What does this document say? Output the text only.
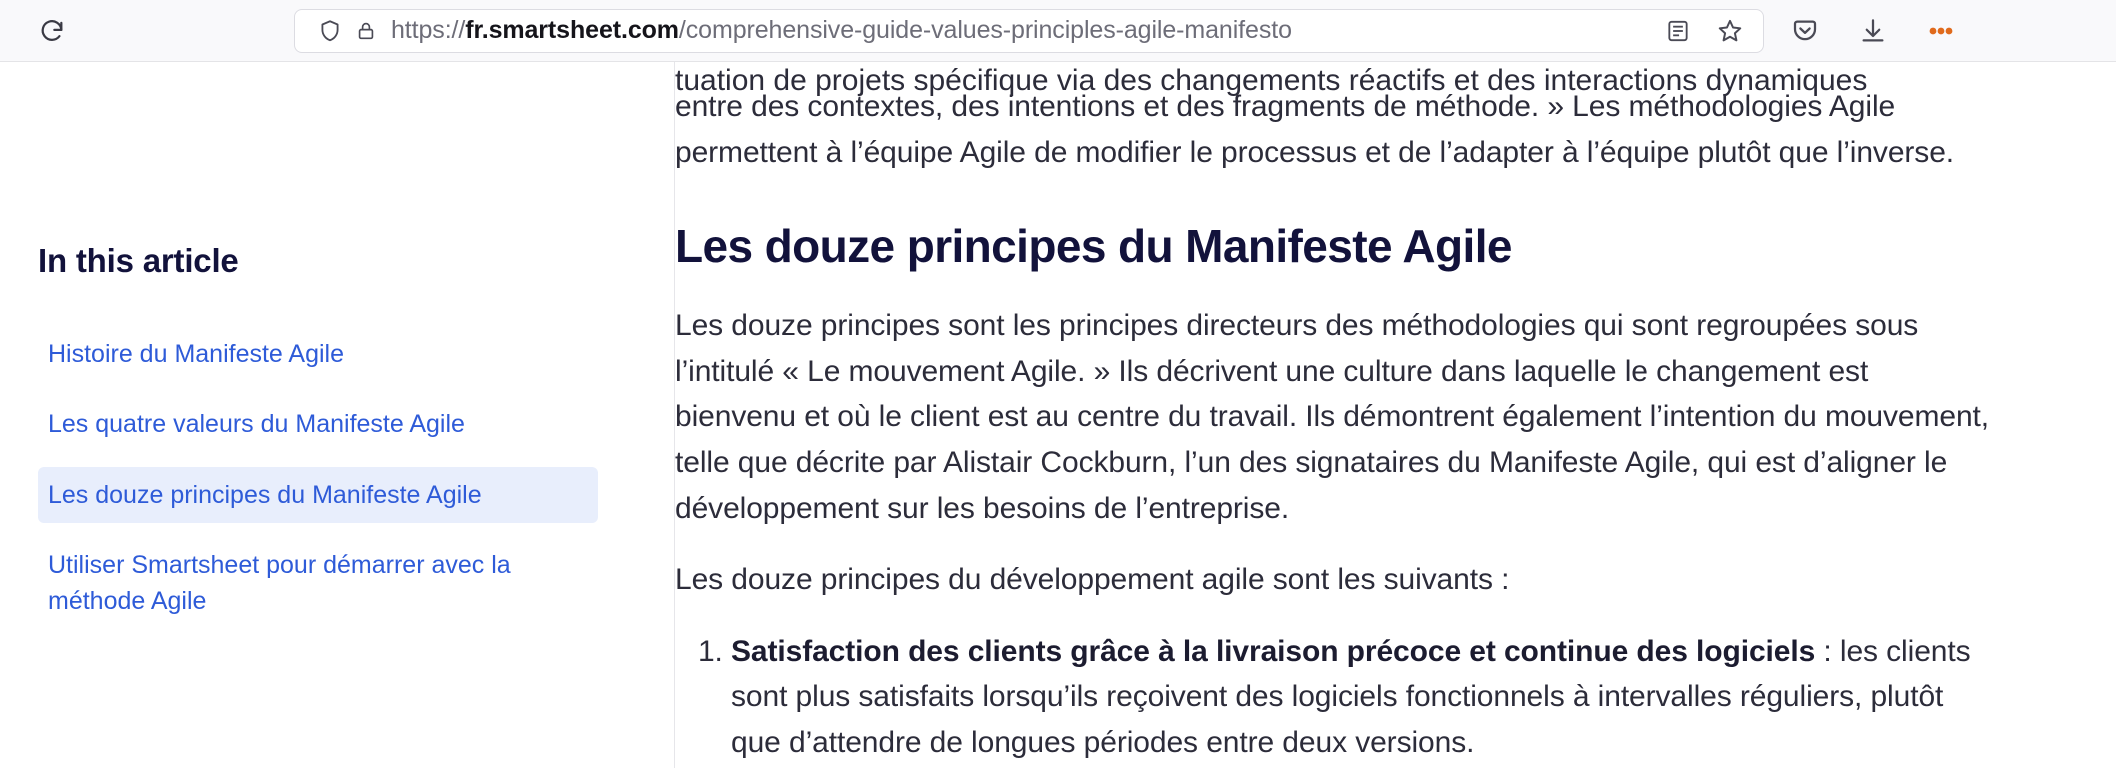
https://fr.smartsheet.com/comprehensive-guide-values-principles-agile-manifesto
In this article
Histoire du Manifeste Agile
Les quatre valeurs du Manifeste Agile
Les douze principes du Manifeste Agile
Utiliser Smartsheet pour démarrer avec la méthode Agile

tuation de projets spécifique via des changements réactifs et des interactions dynamiques

entre des contextes, des intentions et des fragments de méthode. » Les méthodologies Agile permettent à l’équipe Agile de modifier le processus et de l’adapter à l’équipe plutôt que l’inverse.

Les douze principes du Manifeste Agile

Les douze principes sont les principes directeurs des méthodologies qui sont regroupées sous l’intitulé « Le mouvement Agile. » Ils décrivent une culture dans laquelle le changement est bienvenu et où le client est au centre du travail. Ils démontrent également l’intention du mouvement, telle que décrite par Alistair Cockburn, l’un des signataires du Manifeste Agile, qui est d’aligner le développement sur les besoins de l’entreprise.

Les douze principes du développement agile sont les suivants :

1. Satisfaction des clients grâce à la livraison précoce et continue des logiciels : les clients sont plus satisfaits lorsqu’ils reçoivent des logiciels fonctionnels à intervalles réguliers, plutôt que d’attendre de longues périodes entre deux versions.
